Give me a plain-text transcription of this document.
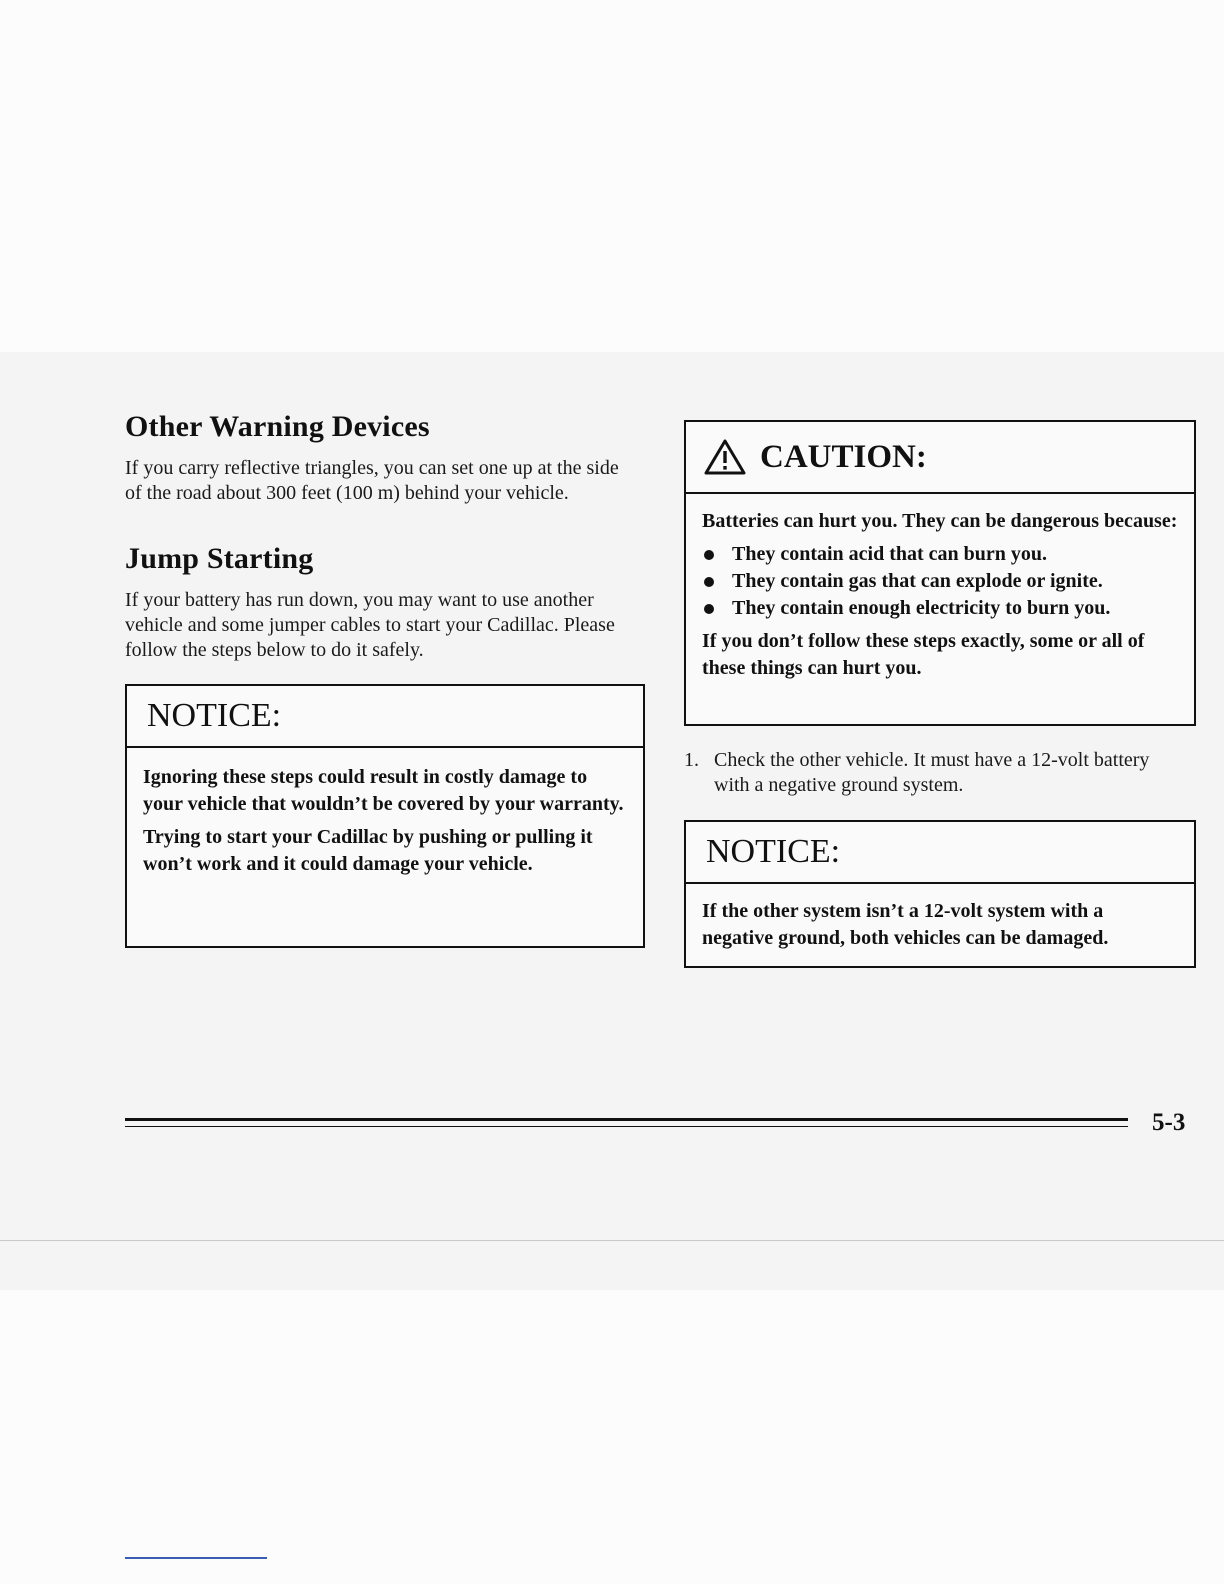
Other Warning Devices

If you carry reflective triangles, you can set one up at the side of the road about 300 feet (100 m) behind your vehicle.

Jump Starting

If your battery has run down, you may want to use another vehicle and some jumper cables to start your Cadillac. Please follow the steps below to do it safely.

NOTICE:

Ignoring these steps could result in costly damage to your vehicle that wouldn’t be covered by your warranty.

Trying to start your Cadillac by pushing or pulling it won’t work and it could damage your vehicle.

CAUTION:

Batteries can hurt you. They can be dangerous because:

They contain acid that can burn you.
They contain gas that can explode or ignite.
They contain enough electricity to burn you.

If you don’t follow these steps exactly, some or all of these things can hurt you.

1. Check the other vehicle. It must have a 12-volt battery with a negative ground system.
NOTICE:

If the other system isn’t a 12-volt system with a negative ground, both vehicles can be damaged.

5-3
